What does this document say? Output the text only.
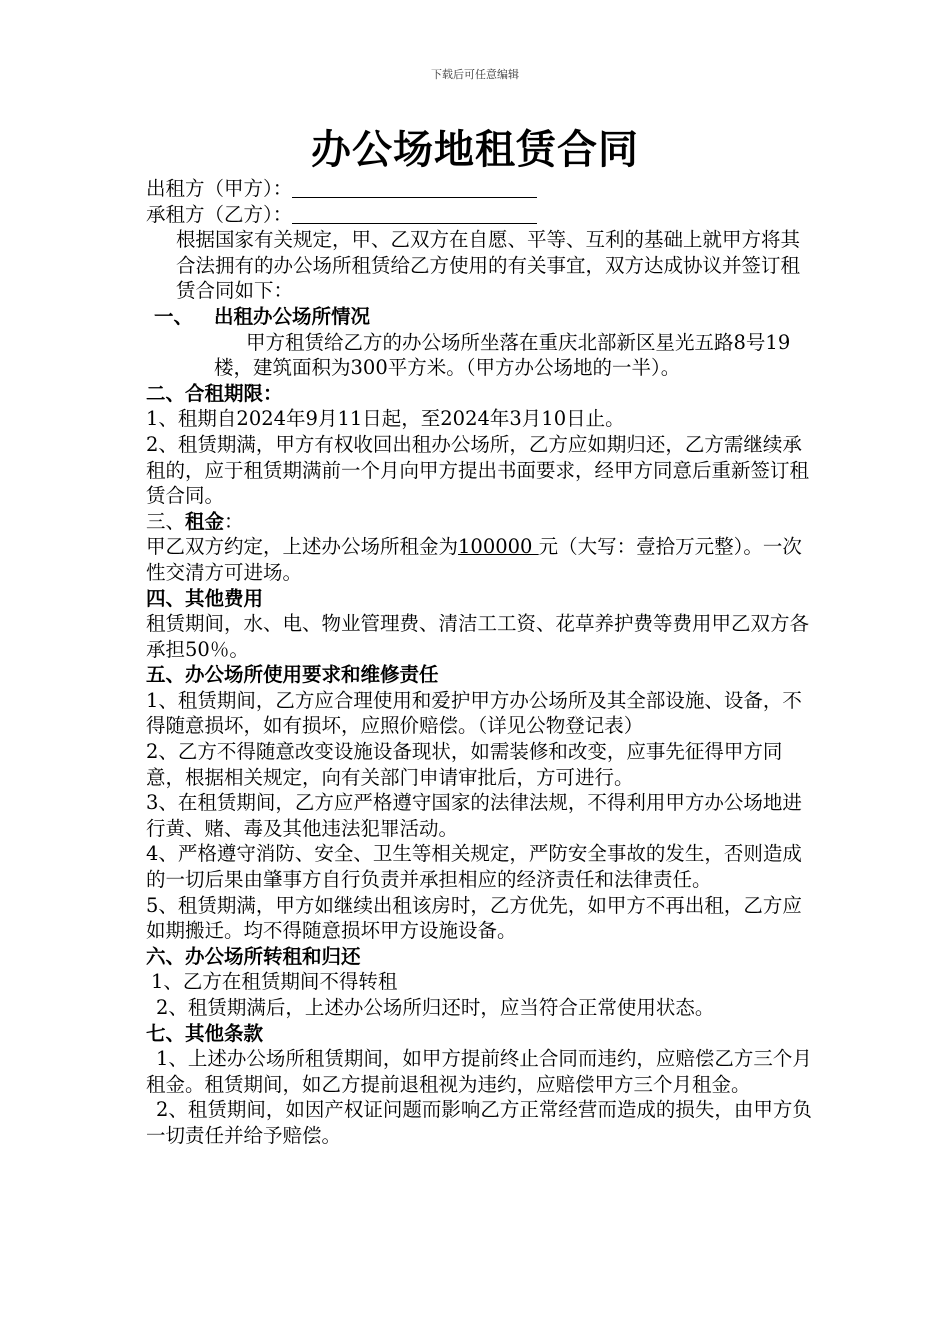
下载后可任意编辑
办公场地租赁合同
出租方（甲方）：
承租方（乙方）：
根据国家有关规定，甲、乙双方在自愿、平等、互利的基础上就甲方将其合法拥有的办公场所租赁给乙方使用的有关事宜，双方达成协议并签订租赁合同如下：
一、 出租办公场所情况
甲方租赁给乙方的办公场所坐落在重庆北部新区星光五路8号19楼，建筑面积为300平方米。（甲方办公场地的一半）。
二、合租期限：
1、租期自2024年9月11日起，至2024年3月10日止。
2、租赁期满，甲方有权收回出租办公场所，乙方应如期归还，乙方需继续承租的，应于租赁期满前一个月向甲方提出书面要求，经甲方同意后重新签订租赁合同。
三、租金：
甲乙双方约定，上述办公场所租金为100000 元（大写：壹拾万元整）。一次性交清方可进场。
四、其他费用
租赁期间，水、电、物业管理费、清洁工工资、花草养护费等费用甲乙双方各承担50％。
五、办公场所使用要求和维修责任
1、租赁期间，乙方应合理使用和爱护甲方办公场所及其全部设施、设备，不得随意损坏，如有损坏，应照价赔偿。（详见公物登记表）
2、乙方不得随意改变设施设备现状，如需装修和改变，应事先征得甲方同意，根据相关规定，向有关部门申请审批后，方可进行。
3、在租赁期间，乙方应严格遵守国家的法律法规，不得利用甲方办公场地进行黄、赌、毒及其他违法犯罪活动。
4、严格遵守消防、安全、卫生等相关规定，严防安全事故的发生，否则造成的一切后果由肇事方自行负责并承担相应的经济责任和法律责任。
5、租赁期满，甲方如继续出租该房时，乙方优先，如甲方不再出租，乙方应如期搬迁。均不得随意损坏甲方设施设备。
六、办公场所转租和归还
1、乙方在租赁期间不得转租
2、租赁期满后，上述办公场所归还时，应当符合正常使用状态。
七、其他条款
1、上述办公场所租赁期间，如甲方提前终止合同而违约，应赔偿乙方三个月租金。租赁期间，如乙方提前退租视为违约，应赔偿甲方三个月租金。
2、租赁期间，如因产权证问题而影响乙方正常经营而造成的损失，由甲方负一切责任并给予赔偿。
